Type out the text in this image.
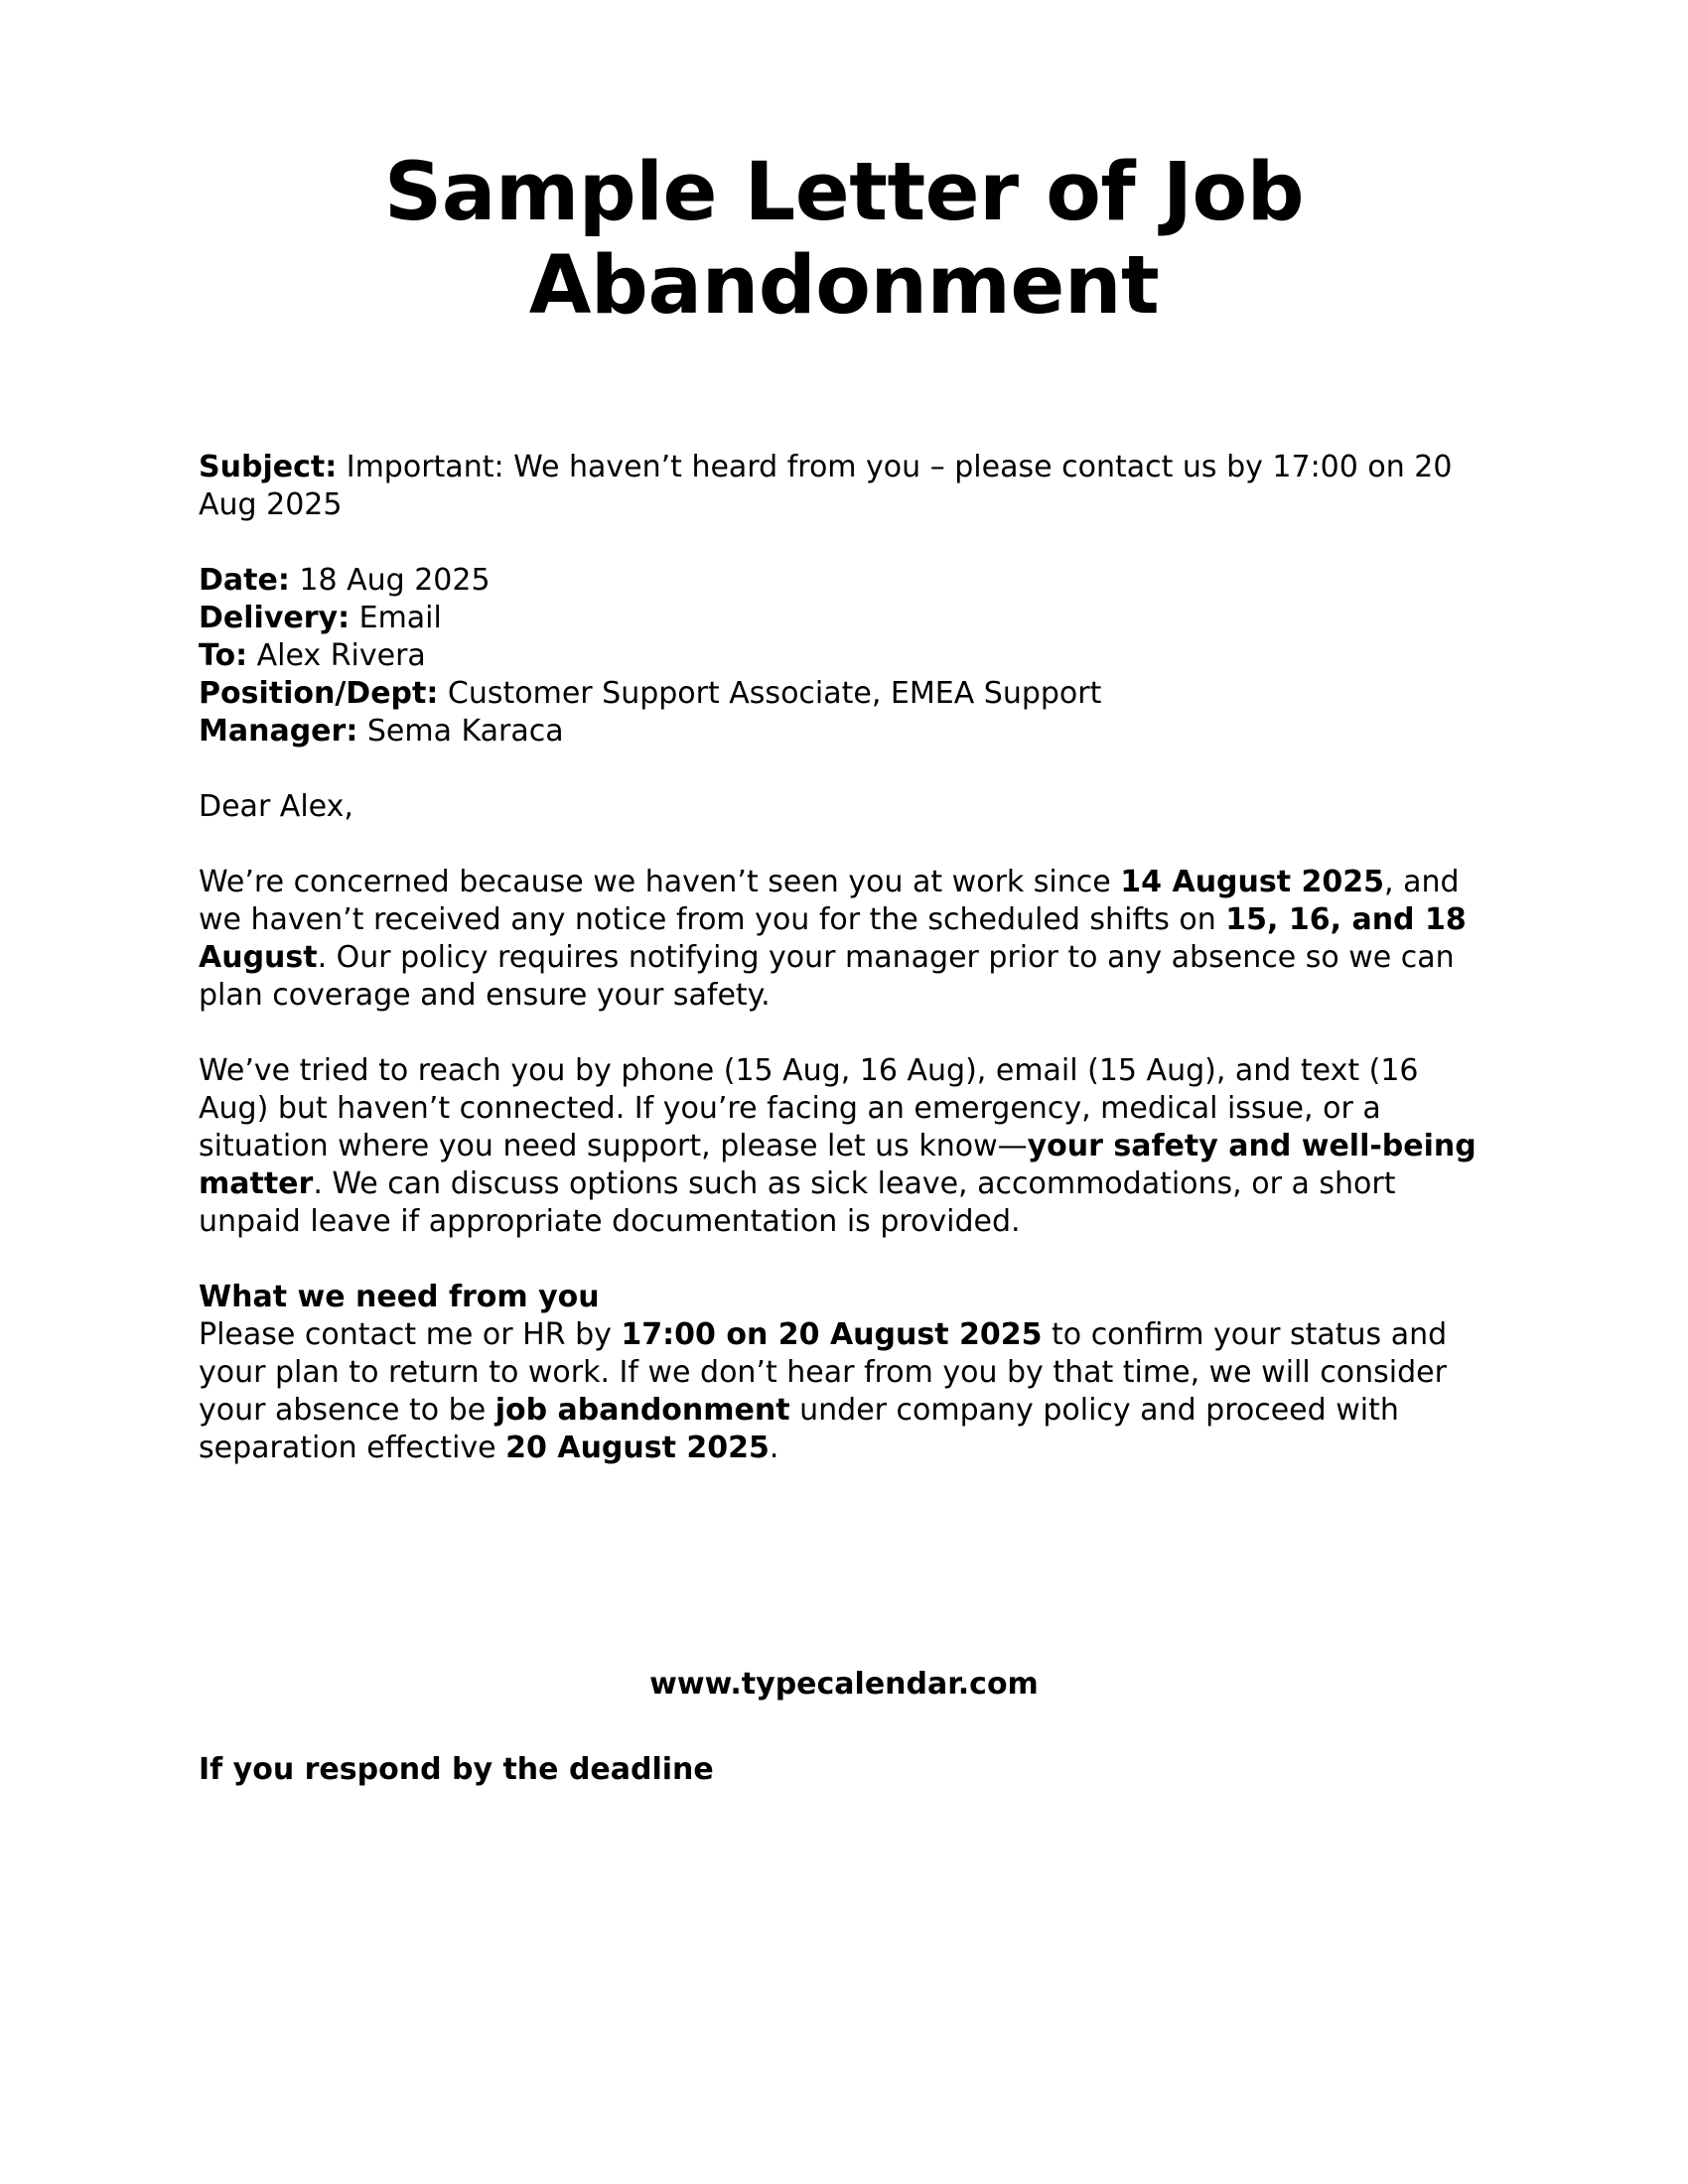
Sample Letter of Job
Abandonment

Subject: Important: We haven’t heard from you – please contact us by 17:00 on 20 Aug 2025

Date: 18 Aug 2025
Delivery: Email
To: Alex Rivera
Position/Dept: Customer Support Associate, EMEA Support
Manager: Sema Karaca

Dear Alex,

We’re concerned because we haven’t seen you at work since 14 August 2025, and we haven’t received any notice from you for the scheduled shifts on 15, 16, and 18 August. Our policy requires notifying your manager prior to any absence so we can plan coverage and ensure your safety.

We’ve tried to reach you by phone (15 Aug, 16 Aug), email (15 Aug), and text (16 Aug) but haven’t connected. If you’re facing an emergency, medical issue, or a situation where you need support, please let us know—your safety and well-being matter. We can discuss options such as sick leave, accommodations, or a short unpaid leave if appropriate documentation is provided.

What we need from you
Please contact me or HR by 17:00 on 20 August 2025 to confirm your status and your plan to return to work. If we don’t hear from you by that time, we will consider your absence to be job abandonment under company policy and proceed with separation effective 20 August 2025.

www.typecalendar.com

If you respond by the deadline
